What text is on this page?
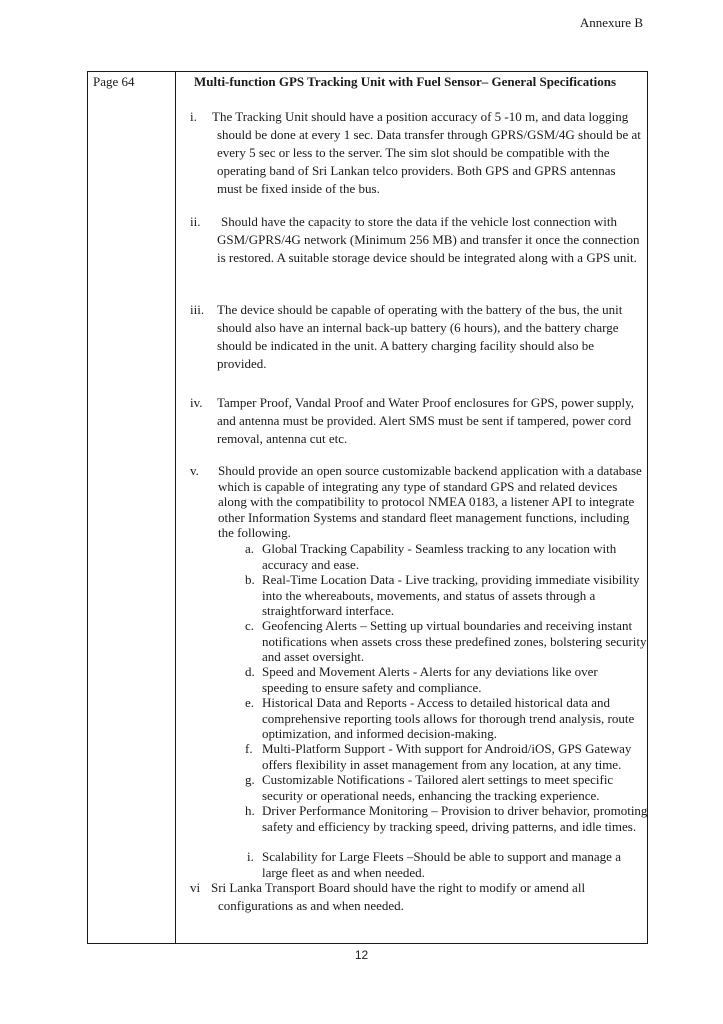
Annexure B
Page 64	Multi-function GPS Tracking Unit with Fuel Sensor– General Specifications
i.	The Tracking Unit should have a position accuracy of 5 -10 m, and data logging should be done at every 1 sec. Data transfer through GPRS/GSM/4G should be at every 5 sec or less to the server. The sim slot should be compatible with the operating band of Sri Lankan telco providers. Both GPS and GPRS antennas must be fixed inside of the bus.
ii.	Should have the capacity to store the data if the vehicle lost connection with GSM/GPRS/4G network (Minimum 256 MB) and transfer it once the connection is restored. A suitable storage device should be integrated along with a GPS unit.
iii. The device should be capable of operating with the battery of the bus, the unit should also have an internal back-up battery (6 hours), and the battery charge should be indicated in the unit. A battery charging facility should also be provided.
iv.	Tamper Proof, Vandal Proof and Water Proof enclosures for GPS, power supply, and antenna must be provided. Alert SMS must be sent if tampered, power cord removal, antenna cut etc.
v.	Should provide an open source customizable backend application with a database which is capable of integrating any type of standard GPS and related devices along with the compatibility to protocol NMEA 0183, a listener API to integrate other Information Systems and standard fleet management functions, including the following.
a. Global Tracking Capability - Seamless tracking to any location with accuracy and ease.
b. Real-Time Location Data - Live tracking, providing immediate visibility into the whereabouts, movements, and status of assets through a straightforward interface.
c. Geofencing Alerts – Setting up virtual boundaries and receiving instant notifications when assets cross these predefined zones, bolstering security and asset oversight.
d. Speed and Movement Alerts - Alerts for any deviations like over speeding to ensure safety and compliance.
e. Historical Data and Reports - Access to detailed historical data and comprehensive reporting tools allows for thorough trend analysis, route optimization, and informed decision-making.
f. Multi-Platform Support - With support for Android/iOS, GPS Gateway offers flexibility in asset management from any location, at any time.
g. Customizable Notifications - Tailored alert settings to meet specific security or operational needs, enhancing the tracking experience.
h. Driver Performance Monitoring – Provision to driver behavior, promoting safety and efficiency by tracking speed, driving patterns, and idle times.
i. Scalability for Large Fleets –Should be able to support and manage a large fleet as and when needed.
vi Sri Lanka Transport Board should have the right to modify or amend all configurations as and when needed.
12
